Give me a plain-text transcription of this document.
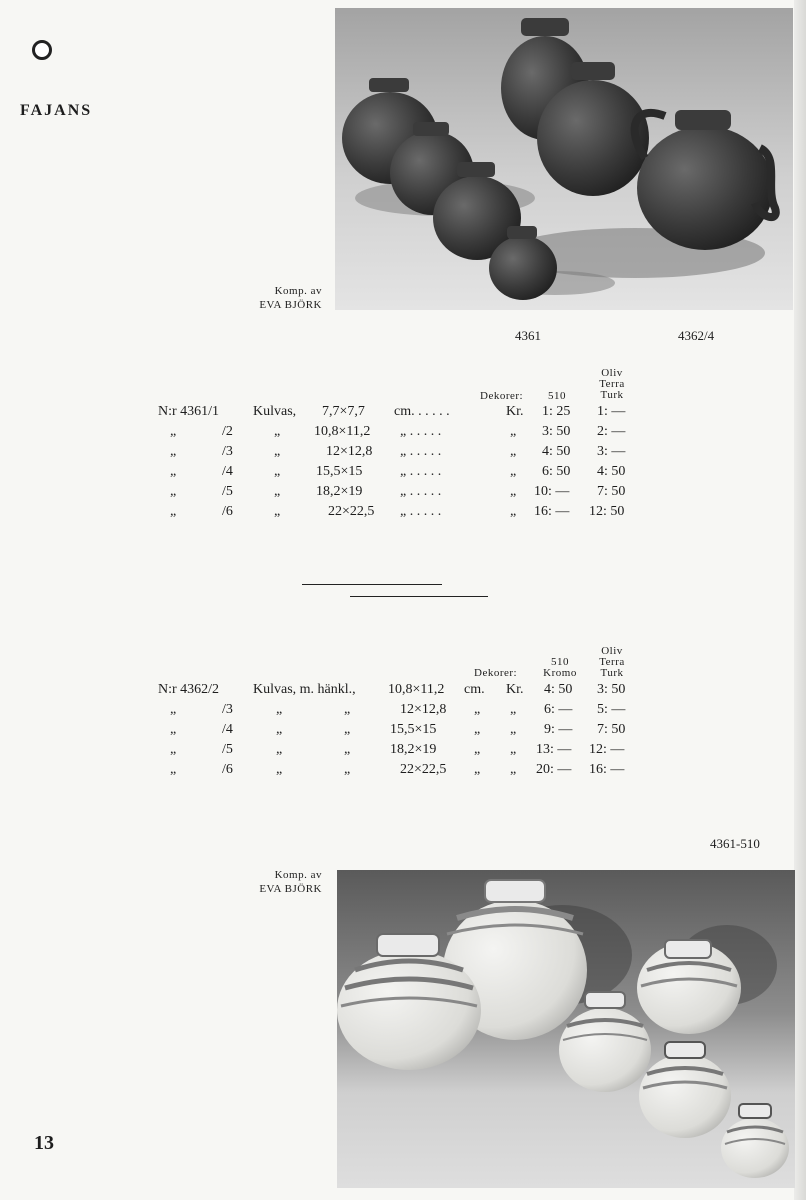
FAJANS
Komp. av
EVA BJÖRK
4361	4362/4
Oliv
Terra
Turk
Dekorer: 510
N:r 4361/1 Kulvas, 7,7×7,7 cm. . . . . .	Kr. 1: 25 1: —
„	/2	„ 10,8×11,2 „ . . . . .	„ 3: 50 2: —
„	/3	„	12×12,8 „ . . . . .	„ 4: 50 3: —
„	/4	„	15,5×15	„ . . . . .	„ 6: 50 4: 50
„	/5	„	18,2×19	„ . . . . .	„ 10: — 7: 50
„	/6	„	22×22,5 „ . . . . .	„ 16: — 12: 50
Oliv
Terra
Turk
510
Kromo
Dekorer:
N:r 4362/2 Kulvas, m. hänkl., 10,8×11,2 cm. Kr. 4: 50 3: 50
„	/3	„	„	12×12,8 „ „ 6: — 5: —
„	/4	„	„	15,5×15	„ „ 9: — 7: 50
„	/5	„	„	18,2×19	„ „ 13: — 12: —
„	/6	„	„	22×22,5 „ „ 20: — 16: —
4361-510
Komp. av
EVA BJÖRK
13
